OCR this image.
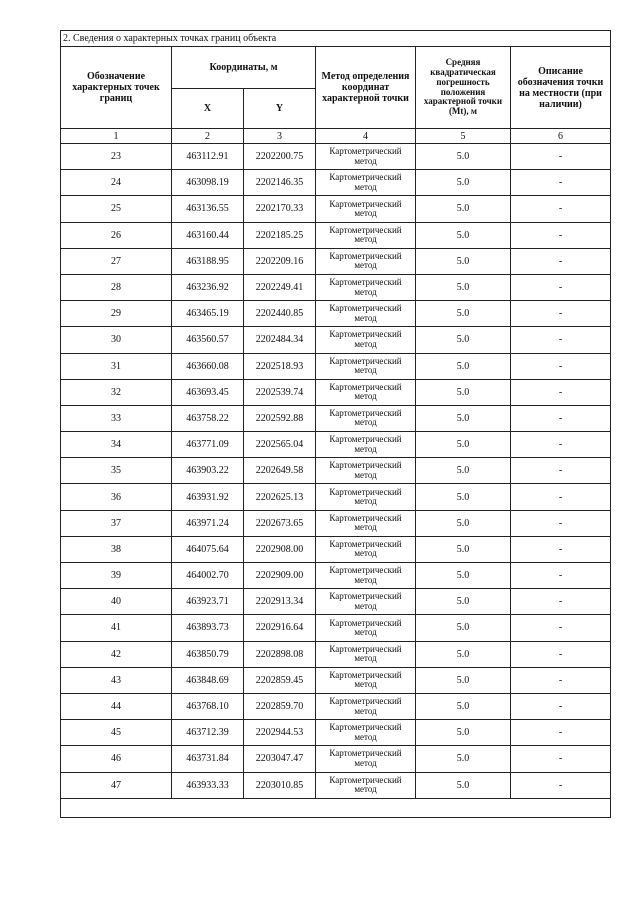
2. Сведения о характерных точках границ объекта					
Обозначение характерных точек границ	Координаты, м		Метод определения координат характерной точки	Средняя квадратическая погрешность положения характерной точки (Mt), м	Описание обозначения точки на местности (при наличии)
	X	Y			
1	2	3	4	5	6
23	463112.91	2202200.75	Картометрический метод	5.0	-
24	463098.19	2202146.35	Картометрический метод	5.0	-
25	463136.55	2202170.33	Картометрический метод	5.0	-
26	463160.44	2202185.25	Картометрический метод	5.0	-
27	463188.95	2202209.16	Картометрический метод	5.0	-
28	463236.92	2202249.41	Картометрический метод	5.0	-
29	463465.19	2202440.85	Картометрический метод	5.0	-
30	463560.57	2202484.34	Картометрический метод	5.0	-
31	463660.08	2202518.93	Картометрический метод	5.0	-
32	463693.45	2202539.74	Картометрический метод	5.0	-
33	463758.22	2202592.88	Картометрический метод	5.0	-
34	463771.09	2202565.04	Картометрический метод	5.0	-
35	463903.22	2202649.58	Картометрический метод	5.0	-
36	463931.92	2202625.13	Картометрический метод	5.0	-
37	463971.24	2202673.65	Картометрический метод	5.0	-
38	464075.64	2202908.00	Картометрический метод	5.0	-
39	464002.70	2202909.00	Картометрический метод	5.0	-
40	463923.71	2202913.34	Картометрический метод	5.0	-
41	463893.73	2202916.64	Картометрический метод	5.0	-
42	463850.79	2202898.08	Картометрический метод	5.0	-
43	463848.69	2202859.45	Картометрический метод	5.0	-
44	463768.10	2202859.70	Картометрический метод	5.0	-
45	463712.39	2202944.53	Картометрический метод	5.0	-
46	463731.84	2203047.47	Картометрический метод	5.0	-
47	463933.33	2203010.85	Картометрический метод	5.0	-
